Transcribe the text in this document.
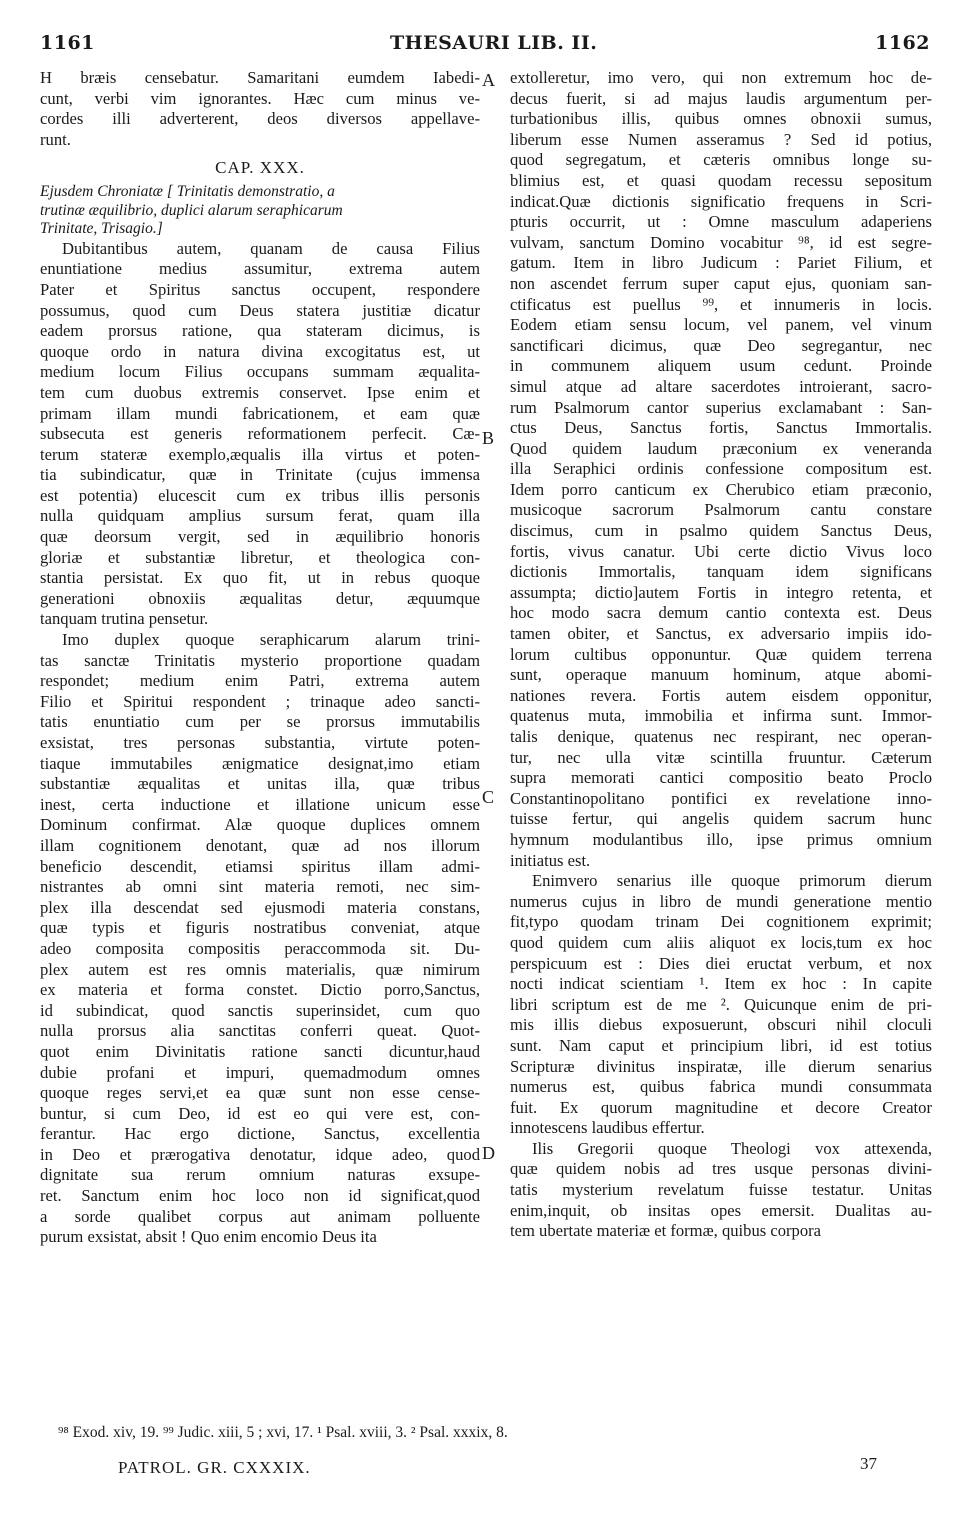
1161	THESAURI LIB. II.	1162
A
B
C
D

H bræis censebatur. Samaritani eumdem Iabedi-
cunt, verbi vim ignorantes. Hæc cum minus ve-
cordes illi adverterent, deos diversos appellave-
runt.

CAP. XXX.

Ejusdem Chroniatæ [ Trinitatis demonstratio, a
trutinæ æquilibrio, duplici alarum seraphicarum
Trinitate, Trisagio.]

Dubitantibus autem, quanam de causa Filius
enuntiatione medius assumitur, extrema autem
Pater et Spiritus sanctus occupent, respondere
possumus, quod cum Deus statera justitiæ dicatur
eadem prorsus ratione, qua stateram dicimus, is
quoque ordo in natura divina excogitatus est, ut
medium locum Filius occupans summam æqualita-
tem cum duobus extremis conservet. Ipse enim et
primam illam mundi fabricationem, et eam quæ
subsecuta est generis reformationem perfecit. Cæ-
terum stateræ exemplo,æqualis illa virtus et poten-
tia subindicatur, quæ in Trinitate (cujus immensa
est potentia) elucescit cum ex tribus illis personis
nulla quidquam amplius sursum ferat, quam illa
quæ deorsum vergit, sed in æquilibrio honoris
gloriæ et substantiæ libretur, et theologica con-
stantia persistat. Ex quo fit, ut in rebus quoque
generationi obnoxiis æqualitas detur, æquumque
tanquam trutina pensetur.

Imo duplex quoque seraphicarum alarum trini-
tas sanctæ Trinitatis mysterio proportione quadam
respondet; medium enim Patri, extrema autem
Filio et Spiritui respondent ; trinaque adeo sancti-
tatis enuntiatio cum per se prorsus immutabilis
exsistat, tres personas substantia, virtute poten-
tiaque immutabiles ænigmatice designat,imo etiam
substantiæ æqualitas et unitas illa, quæ tribus
inest, certa inductione et illatione unicum esse
Dominum confirmat. Alæ quoque duplices omnem
illam cognitionem denotant, quæ ad nos illorum
beneficio descendit, etiamsi spiritus illam admi-
nistrantes ab omni sint materia remoti, nec sim-
plex illa descendat sed ejusmodi materia constans,
quæ typis et figuris nostratibus conveniat, atque
adeo composita compositis peraccommoda sit. Du-
plex autem est res omnis materialis, quæ nimirum
ex materia et forma constet. Dictio porro,Sanctus,
id subindicat, quod sanctis superinsidet, cum quo
nulla prorsus alia sanctitas conferri queat. Quot-
quot enim Divinitatis ratione sancti dicuntur,haud
dubie profani et impuri, quemadmodum omnes
quoque reges servi,et ea quæ sunt non esse cense-
buntur, si cum Deo, id est eo qui vere est, con-
ferantur. Hac ergo dictione, Sanctus, excellentia
in Deo et prærogativa denotatur, idque adeo, quod
dignitate sua rerum omnium naturas exsupe-
ret. Sanctum enim hoc loco non id significat,quod
a sorde qualibet corpus aut animam polluente
purum exsistat, absit ! Quo enim encomio Deus ita

extolleretur, imo vero, qui non extremum hoc de-
decus fuerit, si ad majus laudis argumentum per-
turbationibus illis, quibus omnes obnoxii sumus,
liberum esse Numen asseramus ? Sed id potius,
quod segregatum, et cæteris omnibus longe su-
blimius est, et quasi quodam recessu sepositum
indicat.Quæ dictionis significatio frequens in Scri-
pturis occurrit, ut : Omne masculum adaperiens
vulvam, sanctum Domino vocabitur ⁹⁸, id est segre-
gatum. Item in libro Judicum : Pariet Filium, et
non ascendet ferrum super caput ejus, quoniam san-
ctificatus est puellus ⁹⁹, et innumeris in locis.
Eodem etiam sensu locum, vel panem, vel vinum
sanctificari dicimus, quæ Deo segregantur, nec
in communem aliquem usum cedunt. Proinde
simul atque ad altare sacerdotes introierant, sacro-
rum Psalmorum cantor superius exclamabant : San-
ctus Deus, Sanctus fortis, Sanctus Immortalis.
Quod quidem laudum præconium ex veneranda
illa Seraphici ordinis confessione compositum est.
Idem porro canticum ex Cherubico etiam præconio,
musicoque sacrorum Psalmorum cantu constare
discimus, cum in psalmo quidem Sanctus Deus,
fortis, vivus canatur. Ubi certe dictio Vivus loco
dictionis Immortalis, tanquam idem significans
assumpta; dictio]autem Fortis in integro retenta, et
hoc modo sacra demum cantio contexta est. Deus
tamen obiter, et Sanctus, ex adversario impiis ido-
lorum cultibus opponuntur. Quæ quidem terrena
sunt, operaque manuum hominum, atque abomi-
nationes revera. Fortis autem eisdem opponitur,
quatenus muta, immobilia et infirma sunt. Immor-
talis denique, quatenus nec respirant, nec operan-
tur, nec ulla vitæ scintilla fruuntur. Cæterum
supra memorati cantici compositio beato Proclo
Constantinopolitano pontifici ex revelatione inno-
tuisse fertur, qui angelis quidem sacrum hunc
hymnum modulantibus illo, ipse primus omnium
initiatus est.

Enimvero senarius ille quoque primorum dierum
numerus cujus in libro de mundi generatione mentio
fit,typo quodam trinam Dei cognitionem exprimit;
quod quidem cum aliis aliquot ex locis,tum ex hoc
perspicuum est : Dies diei eructat verbum, et nox
nocti indicat scientiam ¹. Item ex hoc : In capite
libri scriptum est de me ². Quicunque enim de pri-
mis illis diebus exposuerunt, obscuri nihil cloculi
sunt. Nam caput et principium libri, id est totius
Scripturæ divinitus inspiratæ, ille dierum senarius
numerus est, quibus fabrica mundi consummata
fuit. Ex quorum magnitudine et decore Creator
innotescens laudibus effertur.

Ilis Gregorii quoque Theologi vox attexenda,
quæ quidem nobis ad tres usque personas divini-
tatis mysterium revelatum fuisse testatur. Unitas
enim,inquit, ob insitas opes emersit. Dualitas au-
tem ubertate materiæ et formæ, quibus corpora

⁹⁸ Exod. xiv, 19. ⁹⁹ Judic. xiii, 5 ; xvi, 17. ¹ Psal. xviii, 3. ² Psal. xxxix, 8.
PATROL. GR. CXXXIX.	37
